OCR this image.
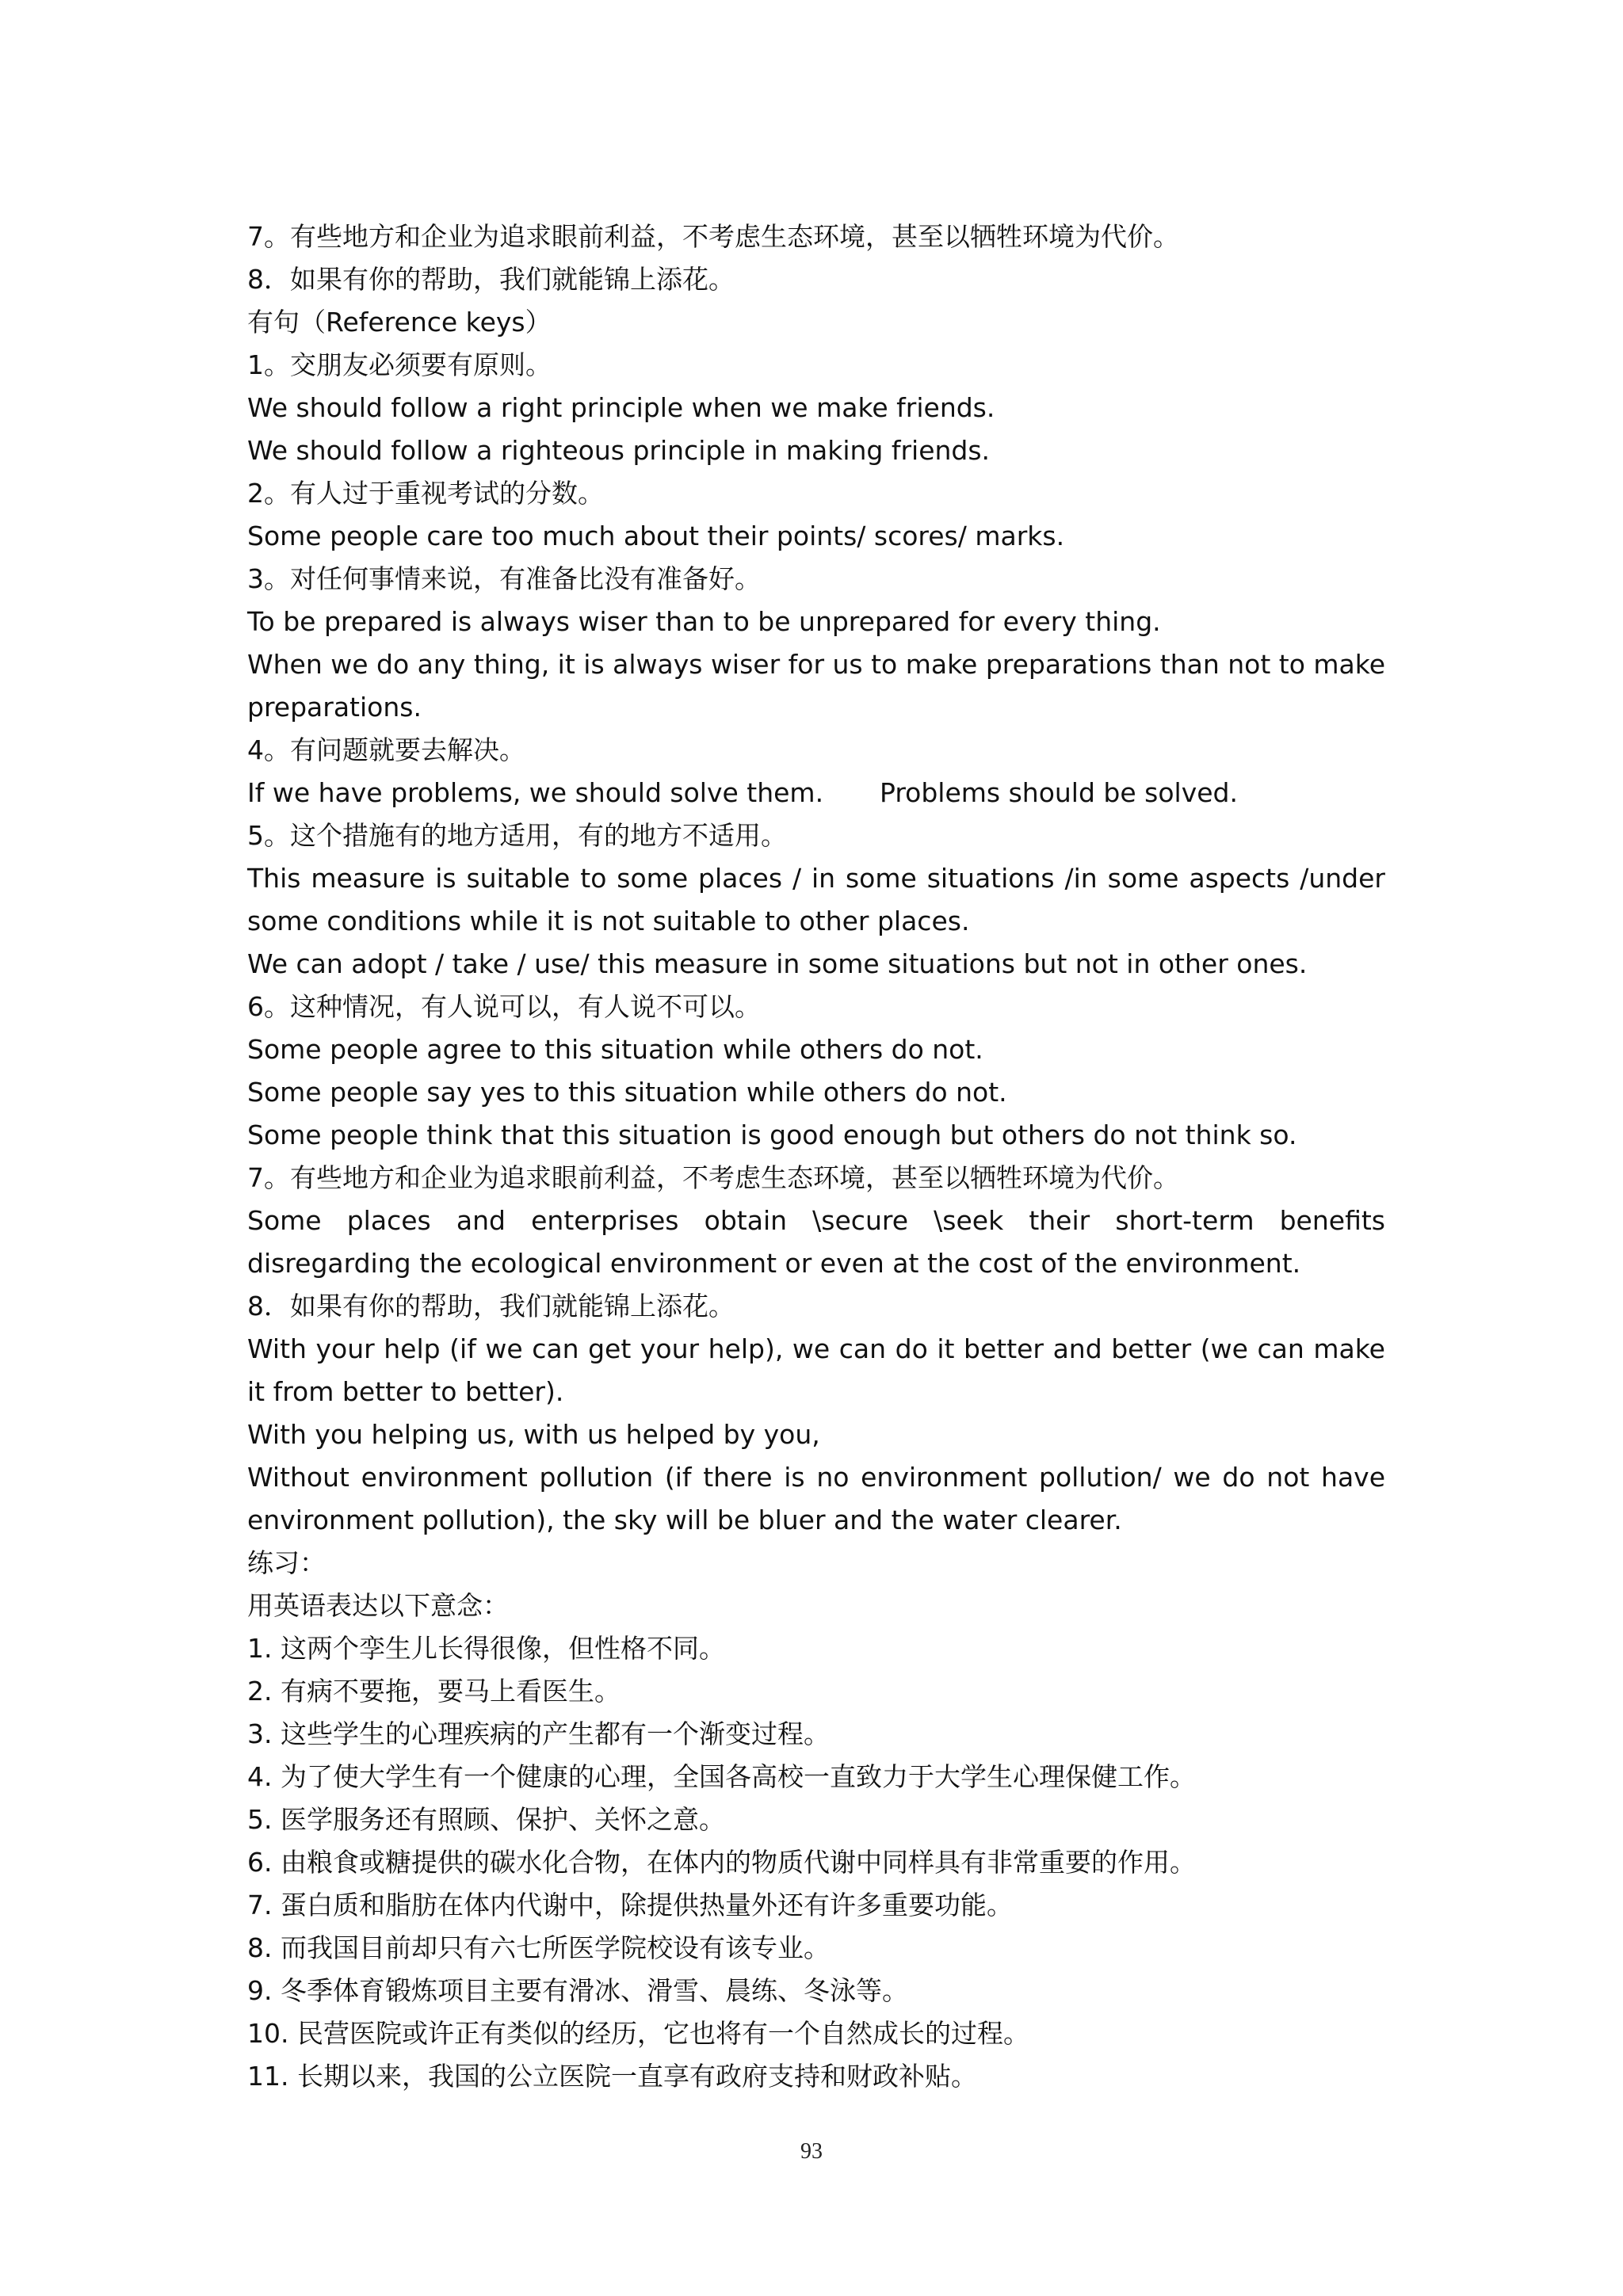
7。有些地方和企业为追求眼前利益，不考虑生态环境，甚至以牺牲环境为代价。
8．如果有你的帮助，我们就能锦上添花。
有句（Reference keys）
1。交朋友必须要有原则。
We should follow a right principle when we make friends.
We should follow a righteous principle in making friends.
2。有人过于重视考试的分数。
Some people care too much about their points/ scores/ marks.
3。对任何事情来说，有准备比没有准备好。
To be prepared is always wiser than to be unprepared for every thing.
When we do any thing, it is always wiser for us to make preparations than not to make preparations.
4。有问题就要去解决。
If we have problems, we should solve them.	Problems should be solved.
5。这个措施有的地方适用，有的地方不适用。
This measure is suitable to some places / in some situations /in some aspects /under some conditions while it is not suitable to other places.
We can adopt / take / use/ this measure in some situations but not in other ones.
6。这种情况，有人说可以，有人说不可以。
Some people agree to this situation while others do not.
Some people say yes to this situation while others do not.
Some people think that this situation is good enough but others do not think so.
7。有些地方和企业为追求眼前利益，不考虑生态环境，甚至以牺牲环境为代价。
Some places and enterprises obtain \secure \seek their short-term benefits disregarding the ecological environment or even at the cost of the environment.
8．如果有你的帮助，我们就能锦上添花。
With your help (if we can get your help), we can do it better and better (we can make it from better to better).
With you helping us, with us helped by you,
Without environment pollution (if there is no environment pollution/ we do not have environment pollution), the sky will be bluer and the water clearer.
练习：
用英语表达以下意念：
1. 这两个孪生儿长得很像，但性格不同。
2. 有病不要拖，要马上看医生。
3. 这些学生的心理疾病的产生都有一个渐变过程。
4. 为了使大学生有一个健康的心理，全国各高校一直致力于大学生心理保健工作。
5. 医学服务还有照顾、保护、关怀之意。
6. 由粮食或糖提供的碳水化合物，在体内的物质代谢中同样具有非常重要的作用。
7. 蛋白质和脂肪在体内代谢中，除提供热量外还有许多重要功能。
8. 而我国目前却只有六七所医学院校设有该专业。
9. 冬季体育锻炼项目主要有滑冰、滑雪、晨练、冬泳等。
10. 民营医院或许正有类似的经历，它也将有一个自然成长的过程。
11. 长期以来，我国的公立医院一直享有政府支持和财政补贴。
93
